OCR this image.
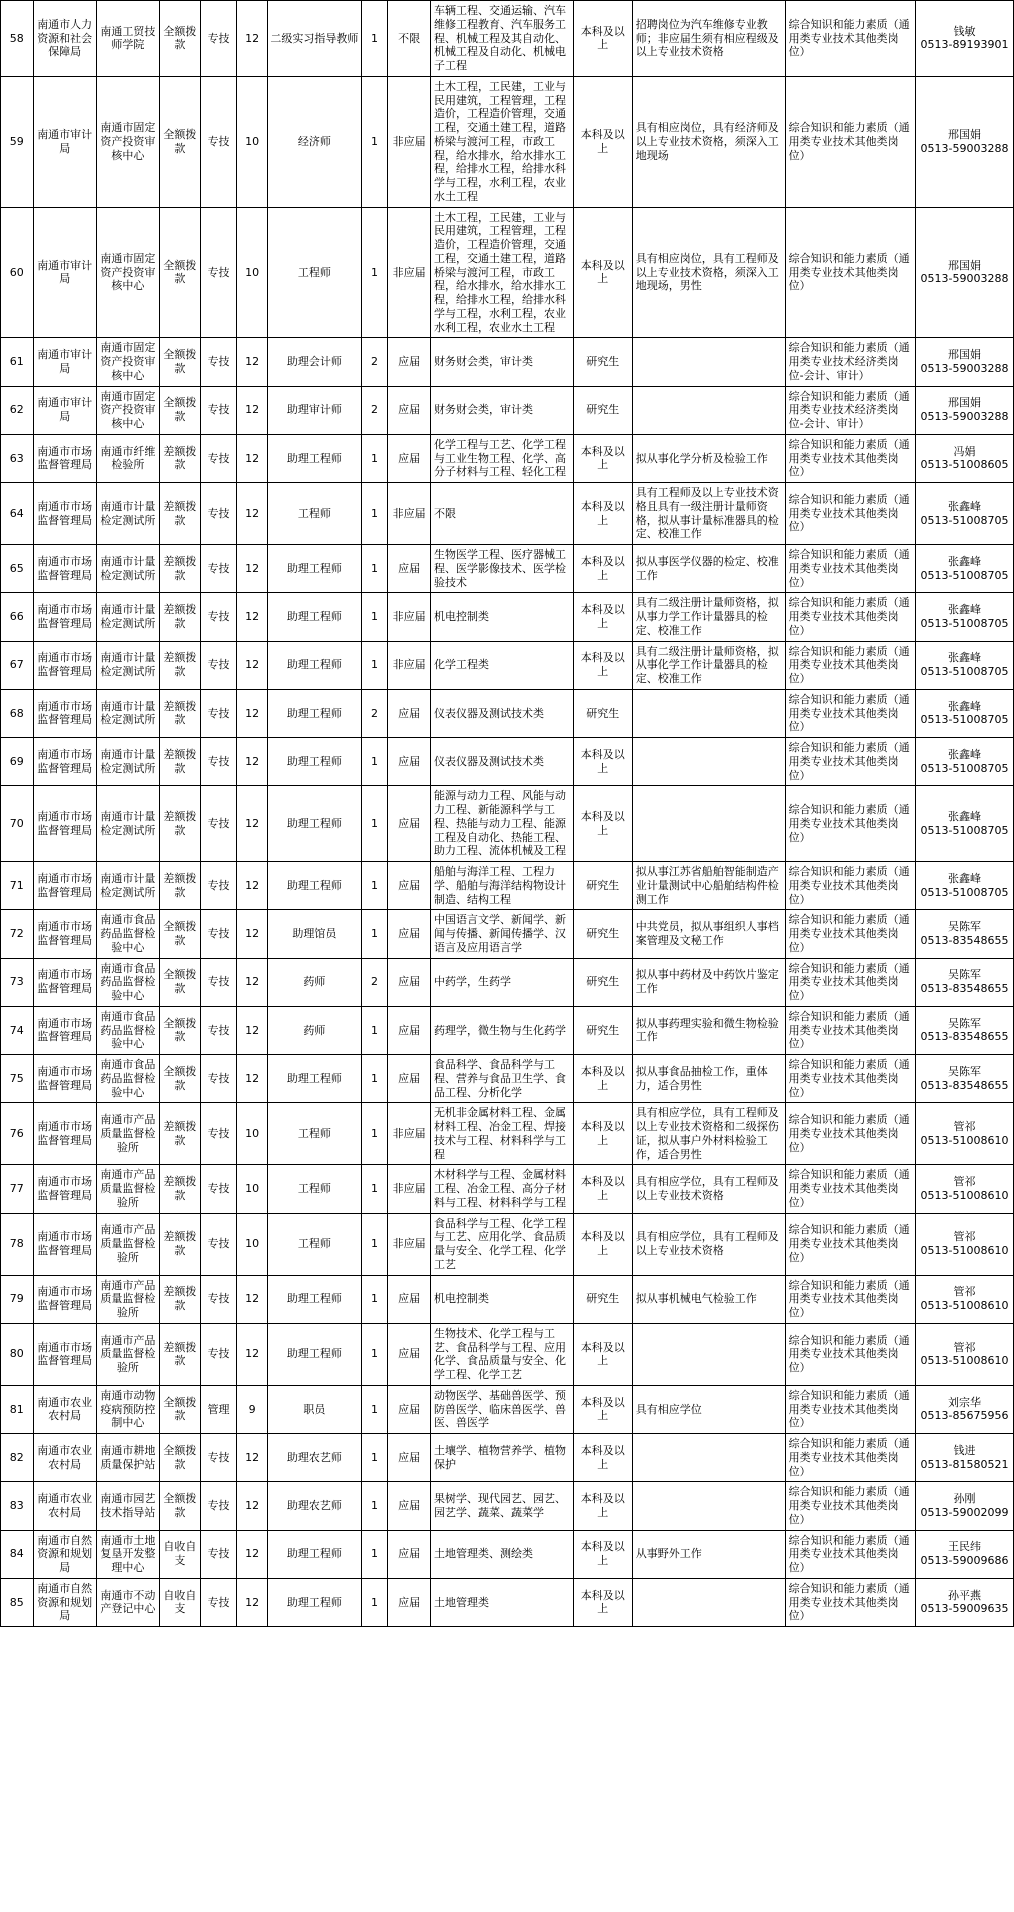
58	南通市人力资源和社会保障局	南通工贸技师学院	全额拨款	专技	12	二级实习指导教师	1	不限	车辆工程、交通运输、汽车维修工程教育、汽车服务工程、机械工程及其自动化、机械工程及自动化、机械电子工程	本科及以上	招聘岗位为汽车维修专业教师；非应届生须有相应程级及以上专业技术资格	综合知识和能力素质（通用类专业技术其他类岗位）	钱敏
0513-89193901

59	南通市审计局	南通市固定资产投资审核中心	全额拨款	专技	10	经济师	1	非应届	土木工程，工民建，工业与民用建筑，工程管理，工程造价，工程造价管理，交通工程，交通土建工程，道路桥梁与渡河工程，市政工程，给水排水，给水排水工程，给排水工程，给排水科学与工程，水利工程，农业水土工程	本科及以上	具有相应岗位，具有经济师及以上专业技术资格，须深入工地现场	综合知识和能力素质（通用类专业技术其他类岗位）	邢国娟
0513-59003288

60	南通市审计局	南通市固定资产投资审核中心	全额拨款	专技	10	工程师	1	非应届	土木工程，工民建，工业与民用建筑，工程管理，工程造价，工程造价管理，交通工程，交通土建工程，道路桥梁与渡河工程，市政工程，给水排水，给水排水工程，给排水工程，给排水科学与工程，水利工程，农业水利工程，农业水土工程	本科及以上	具有相应岗位，具有工程师及以上专业技术资格，须深入工地现场，男性	综合知识和能力素质（通用类专业技术其他类岗位）	邢国娟
0513-59003288

61	南通市审计局	南通市固定资产投资审核中心	全额拨款	专技	12	助理会计师	2	应届	财务财会类，审计类	研究生		综合知识和能力素质（通用类专业技术经济类岗位-会计、审计）	邢国娟
0513-59003288

62	南通市审计局	南通市固定资产投资审核中心	全额拨款	专技	12	助理审计师	2	应届	财务财会类，审计类	研究生		综合知识和能力素质（通用类专业技术经济类岗位-会计、审计）	邢国娟
0513-59003288

63	南通市市场监督管理局	南通市纤维检验所	差额拨款	专技	12	助理工程师	1	应届	化学工程与工艺、化学工程与工业生物工程、化学、高分子材料与工程、轻化工程	本科及以上	拟从事化学分析及检验工作	综合知识和能力素质（通用类专业技术其他类岗位）	冯娟
0513-51008605

64	南通市市场监督管理局	南通市计量检定测试所	差额拨款	专技	12	工程师	1	非应届	不限	本科及以上	具有工程师及以上专业技术资格且具有一级注册计量师资格，拟从事计量标准器具的检定、校准工作	综合知识和能力素质（通用类专业技术其他类岗位）	张鑫峰
0513-51008705

65	南通市市场监督管理局	南通市计量检定测试所	差额拨款	专技	12	助理工程师	1	应届	生物医学工程、医疗器械工程、医学影像技术、医学检验技术	本科及以上	拟从事医学仪器的检定、校准工作	综合知识和能力素质（通用类专业技术其他类岗位）	张鑫峰
0513-51008705

66	南通市市场监督管理局	南通市计量检定测试所	差额拨款	专技	12	助理工程师	1	非应届	机电控制类	本科及以上	具有二级注册计量师资格，拟从事力学工作计量器具的检定、校准工作	综合知识和能力素质（通用类专业技术其他类岗位）	张鑫峰
0513-51008705

67	南通市市场监督管理局	南通市计量检定测试所	差额拨款	专技	12	助理工程师	1	非应届	化学工程类	本科及以上	具有二级注册计量师资格，拟从事化学工作计量器具的检定、校准工作	综合知识和能力素质（通用类专业技术其他类岗位）	张鑫峰
0513-51008705

68	南通市市场监督管理局	南通市计量检定测试所	差额拨款	专技	12	助理工程师	2	应届	仪表仪器及测试技术类	研究生		综合知识和能力素质（通用类专业技术其他类岗位）	张鑫峰
0513-51008705

69	南通市市场监督管理局	南通市计量检定测试所	差额拨款	专技	12	助理工程师	1	应届	仪表仪器及测试技术类	本科及以上		综合知识和能力素质（通用类专业技术其他类岗位）	张鑫峰
0513-51008705

70	南通市市场监督管理局	南通市计量检定测试所	差额拨款	专技	12	助理工程师	1	应届	能源与动力工程、风能与动力工程、新能源科学与工程、热能与动力工程、能源工程及自动化、热能工程、助力工程、流体机械及工程	本科及以上		综合知识和能力素质（通用类专业技术其他类岗位）	张鑫峰
0513-51008705

71	南通市市场监督管理局	南通市计量检定测试所	差额拨款	专技	12	助理工程师	1	应届	船舶与海洋工程、工程力学、船舶与海洋结构物设计制造、结构工程	研究生	拟从事江苏省船舶智能制造产业计量测试中心船舶结构件检测工作	综合知识和能力素质（通用类专业技术其他类岗位）	张鑫峰
0513-51008705

72	南通市市场监督管理局	南通市食品药品监督检验中心	全额拨款	专技	12	助理馆员	1	应届	中国语言文学、新闻学、新闻与传播、新闻传播学、汉语言及应用语言学	研究生	中共党员，拟从事组织人事档案管理及文秘工作	综合知识和能力素质（通用类专业技术其他类岗位）	吴陈军
0513-83548655

73	南通市市场监督管理局	南通市食品药品监督检验中心	全额拨款	专技	12	药师	2	应届	中药学，生药学	研究生	拟从事中药材及中药饮片鉴定工作	综合知识和能力素质（通用类专业技术其他类岗位）	吴陈军
0513-83548655

74	南通市市场监督管理局	南通市食品药品监督检验中心	全额拨款	专技	12	药师	1	应届	药理学，微生物与生化药学	研究生	拟从事药理实验和微生物检验工作	综合知识和能力素质（通用类专业技术其他类岗位）	吴陈军
0513-83548655

75	南通市市场监督管理局	南通市食品药品监督检验中心	全额拨款	专技	12	助理工程师	1	应届	食品科学、食品科学与工程、营养与食品卫生学、食品工程、分析化学	本科及以上	拟从事食品抽检工作，重体力，适合男性	综合知识和能力素质（通用类专业技术其他类岗位）	吴陈军
0513-83548655

76	南通市市场监督管理局	南通市产品质量监督检验所	差额拨款	专技	10	工程师	1	非应届	无机非金属材料工程、金属材料工程、冶金工程、焊接技术与工程、材料科学与工程	本科及以上	具有相应学位，具有工程师及以上专业技术资格和二级探伤证，拟从事户外材料检验工作，适合男性	综合知识和能力素质（通用类专业技术其他类岗位）	管祁
0513-51008610

77	南通市市场监督管理局	南通市产品质量监督检验所	差额拨款	专技	10	工程师	1	非应届	木材科学与工程、金属材料工程、冶金工程、高分子材料与工程、材料科学与工程	本科及以上	具有相应学位，具有工程师及以上专业技术资格	综合知识和能力素质（通用类专业技术其他类岗位）	管祁
0513-51008610

78	南通市市场监督管理局	南通市产品质量监督检验所	差额拨款	专技	10	工程师	1	非应届	食品科学与工程、化学工程与工艺、应用化学、食品质量与安全、化学工程、化学工艺	本科及以上	具有相应学位，具有工程师及以上专业技术资格	综合知识和能力素质（通用类专业技术其他类岗位）	管祁
0513-51008610

79	南通市市场监督管理局	南通市产品质量监督检验所	差额拨款	专技	12	助理工程师	1	应届	机电控制类	研究生	拟从事机械电气检验工作	综合知识和能力素质（通用类专业技术其他类岗位）	管祁
0513-51008610

80	南通市市场监督管理局	南通市产品质量监督检验所	差额拨款	专技	12	助理工程师	1	应届	生物技术、化学工程与工艺、食品科学与工程、应用化学、食品质量与安全、化学工程、化学工艺	本科及以上		综合知识和能力素质（通用类专业技术其他类岗位）	管祁
0513-51008610

81	南通市农业农村局	南通市动物疫病预防控制中心	全额拨款	管理	9	职员	1	应届	动物医学、基础兽医学、预防兽医学、临床兽医学、兽医、兽医学	本科及以上	具有相应学位	综合知识和能力素质（通用类专业技术其他类岗位）	刘宗华
0513-85675956

82	南通市农业农村局	南通市耕地质量保护站	全额拨款	专技	12	助理农艺师	1	应届	土壤学、植物营养学、植物保护	本科及以上		综合知识和能力素质（通用类专业技术其他类岗位）	钱进
0513-81580521

83	南通市农业农村局	南通市园艺技术指导站	全额拨款	专技	12	助理农艺师	1	应届	果树学、现代园艺、园艺、园艺学、蔬菜、蔬菜学	本科及以上		综合知识和能力素质（通用类专业技术其他类岗位）	孙刚
0513-59002099

84	南通市自然资源和规划局	南通市土地复垦开发整理中心	自收自支	专技	12	助理工程师	1	应届	土地管理类、测绘类	本科及以上	从事野外工作	综合知识和能力素质（通用类专业技术其他类岗位）	王民纬
0513-59009686

85	南通市自然资源和规划局	南通市不动产登记中心	自收自支	专技	12	助理工程师	1	应届	土地管理类	本科及以上		综合知识和能力素质（通用类专业技术其他类岗位）	孙平燕
0513-59009635
